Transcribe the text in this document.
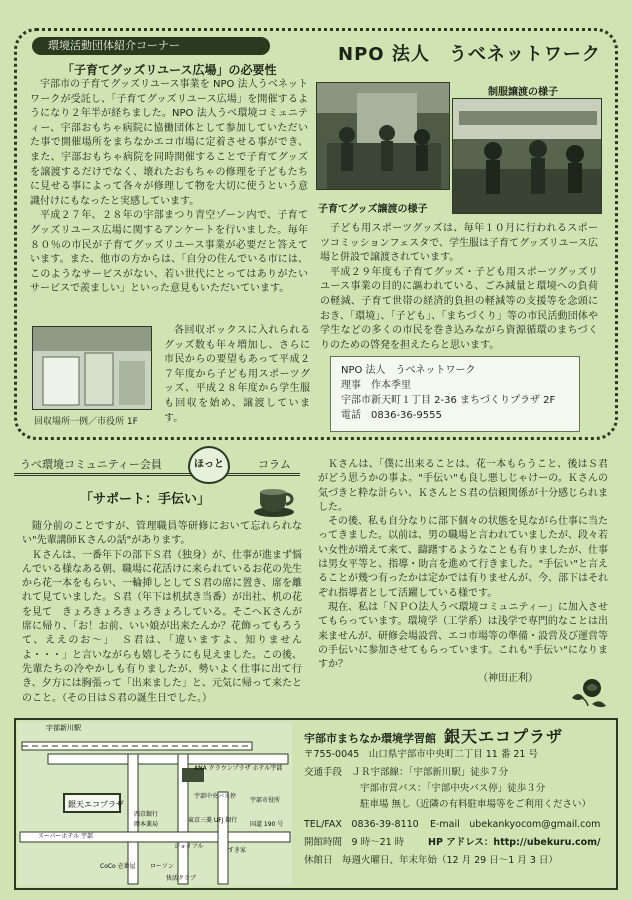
環境活動団体紹介コーナー	NPO 法人　うべネットワーク
「子育てグッズリユース広場」の必要性

宇部市の子育てグッズリユース事業を NPO 法人うべネットワークが受託し、「子育てグッズリユース広場」を開催するようになり２年半が経ちました。NPO 法人うべ環境コミュニティー、宇部おもちゃ病院に協働団体として参加していただいた事で開催場所をまちなかエコ市場に定着させる事ができ、また、宇部おもちゃ病院を同時開催することで子育てグッズを譲渡するだけでなく、壊れたおもちゃの修理を子どもたちに見せる事によって各々が修理して物を大切に使うという意識付けにもなったと実感しています。

平成２７年、２８年の宇部まつり青空ゾーン内で、子育てグッズリユース広場に関するアンケートを行いました。毎年８０％の市民が子育てグッズリユース事業が必要だと答えています。また、他市の方からは、「自分の住んでいる市には、このようなサービスがない、若い世代にとってはありがたいサービスで羨ましい」といった意見もいただいています。

制服譲渡の様子
子育てグッズ譲渡の様子
回収場所一例／市役所 1F

各回収ボックスに入れられるグッズ数も年々増加し、さらに市民からの要望もあって平成２７年度から子ども用スポーツグッズ、平成２８年度から学生服も回収を始め、譲渡しています。

子ども用スポーツグッズは、毎年１０月に行われるスポーツコミッションフェスタで、学生服は子育てグッズリユース広場と併設で譲渡されています。

平成２９年度も子育てグッズ・子ども用スポーツグッズリユース事業の目的に謳われている、ごみ減量と環境への負荷の軽減、子育て世帯の経済的負担の軽減等の支援等を念頭におき、「環境」、「子ども」、「まちづくり」等の市民活動団体や学生などの多くの市民を巻き込みながら資源循環のまちづくりのための啓発を担えたらと思います。

NPO 法人　うべネットワーク
理事　作本季里
宇部市新天町１丁目 2-36 まちづくりプラザ 2F
電話　0836-36-9555
うべ環境コミュニティー会員	コラム
ほっと
「サポート：手伝い」

随分前のことですが、管理職員等研修において忘れられない"先輩講師Ｋさんの話"があります。

Ｋさんは、一番年下の部下Ｓ君（独身）が、仕事が進まず悩んでいる様なある朝、職場に花活けに来られているお花の先生から花一本をもらい、一輪挿しとしてＳ君の席に置き、席を離れて見ていました。Ｓ君（年下は机拭き当番）が出社、机の花を見て　きょろきょろきょろきょろしている。そこへＫさんが席に帰り、「お！お前、いい娘が出来たんか？花飾ってもろうて、ええのお～」　Ｓ君は、「違いますよ、知りませんよ・・・」と言いながらも嬉しそうにも見えました。この後、先輩たちの冷やかしも有りましたが、勢いよく仕事に出て行き、夕方には胸張って「出来ました」と、元気に帰って来たとのこと。（その日はＳ君の誕生日でした。）

Ｋさんは、「僕に出来ることは、花一本もらうこと、後はＳ君がどう思うかの事よ。"手伝い"も良し悪しじゃけーの。Ｋさんの気づきと粋な計らい、ＫさんとＳ君の信頼関係が十分感じられました。

その後、私も自分なりに部下個々の状態を見ながら仕事に当たってきました。以前は、男の職場と言われていましたが、段々若い女性が増えて来て、躊躇するようなことも有りましたが、仕事は男女平等と、指導・助言を進めて行きました。"手伝い"と言えることが幾つ有ったかは定かでは有りませんが、今、部下はそれぞれ指導者として活躍している様です。

現在、私は「ＮＰＯ法人うべ環境コミュニティー」に加入させてもらっています。環境学（工学系）は浅学で専門的なことは出来ませんが、研修会場設営、エコ市場等の準備・設営及び運営等の手伝いに参加させてもらっています。これも"手伝い"になりますか？

（神田正利）

銀天エコプラザ
宇部新川駅
ANA クラウンプラザ ホテル宇部
宇部中央バス停
宇部市役所
西京銀行
岡本薬局
ジョイフル
東京三菱 UFJ 銀行
すき家
国道 190 号
スーパーホテル 宇部
CoCo 壱番屋 ローソン
快活クラブ
宇部市まちなか環境学習館 銀天エコプラザ
〒755-0045　山口県宇部市中央町二丁目 11 番 21 号
交通手段　 ＪＲ宇部線：「宇部新川駅」徒歩７分
宇部市営バス：「宇部中央バス停」徒歩３分
駐車場 無し（近隣の有料駐車場等をご利用ください）
TEL/FAX　0836-39-8110 E-mail　ubekankyocom@gmail.com
開館時間　9 時～21 時	HP アドレス：http://ubekuru.com/
休館日　毎週火曜日、年末年始（12 月 29 日～1 月 3 日）
